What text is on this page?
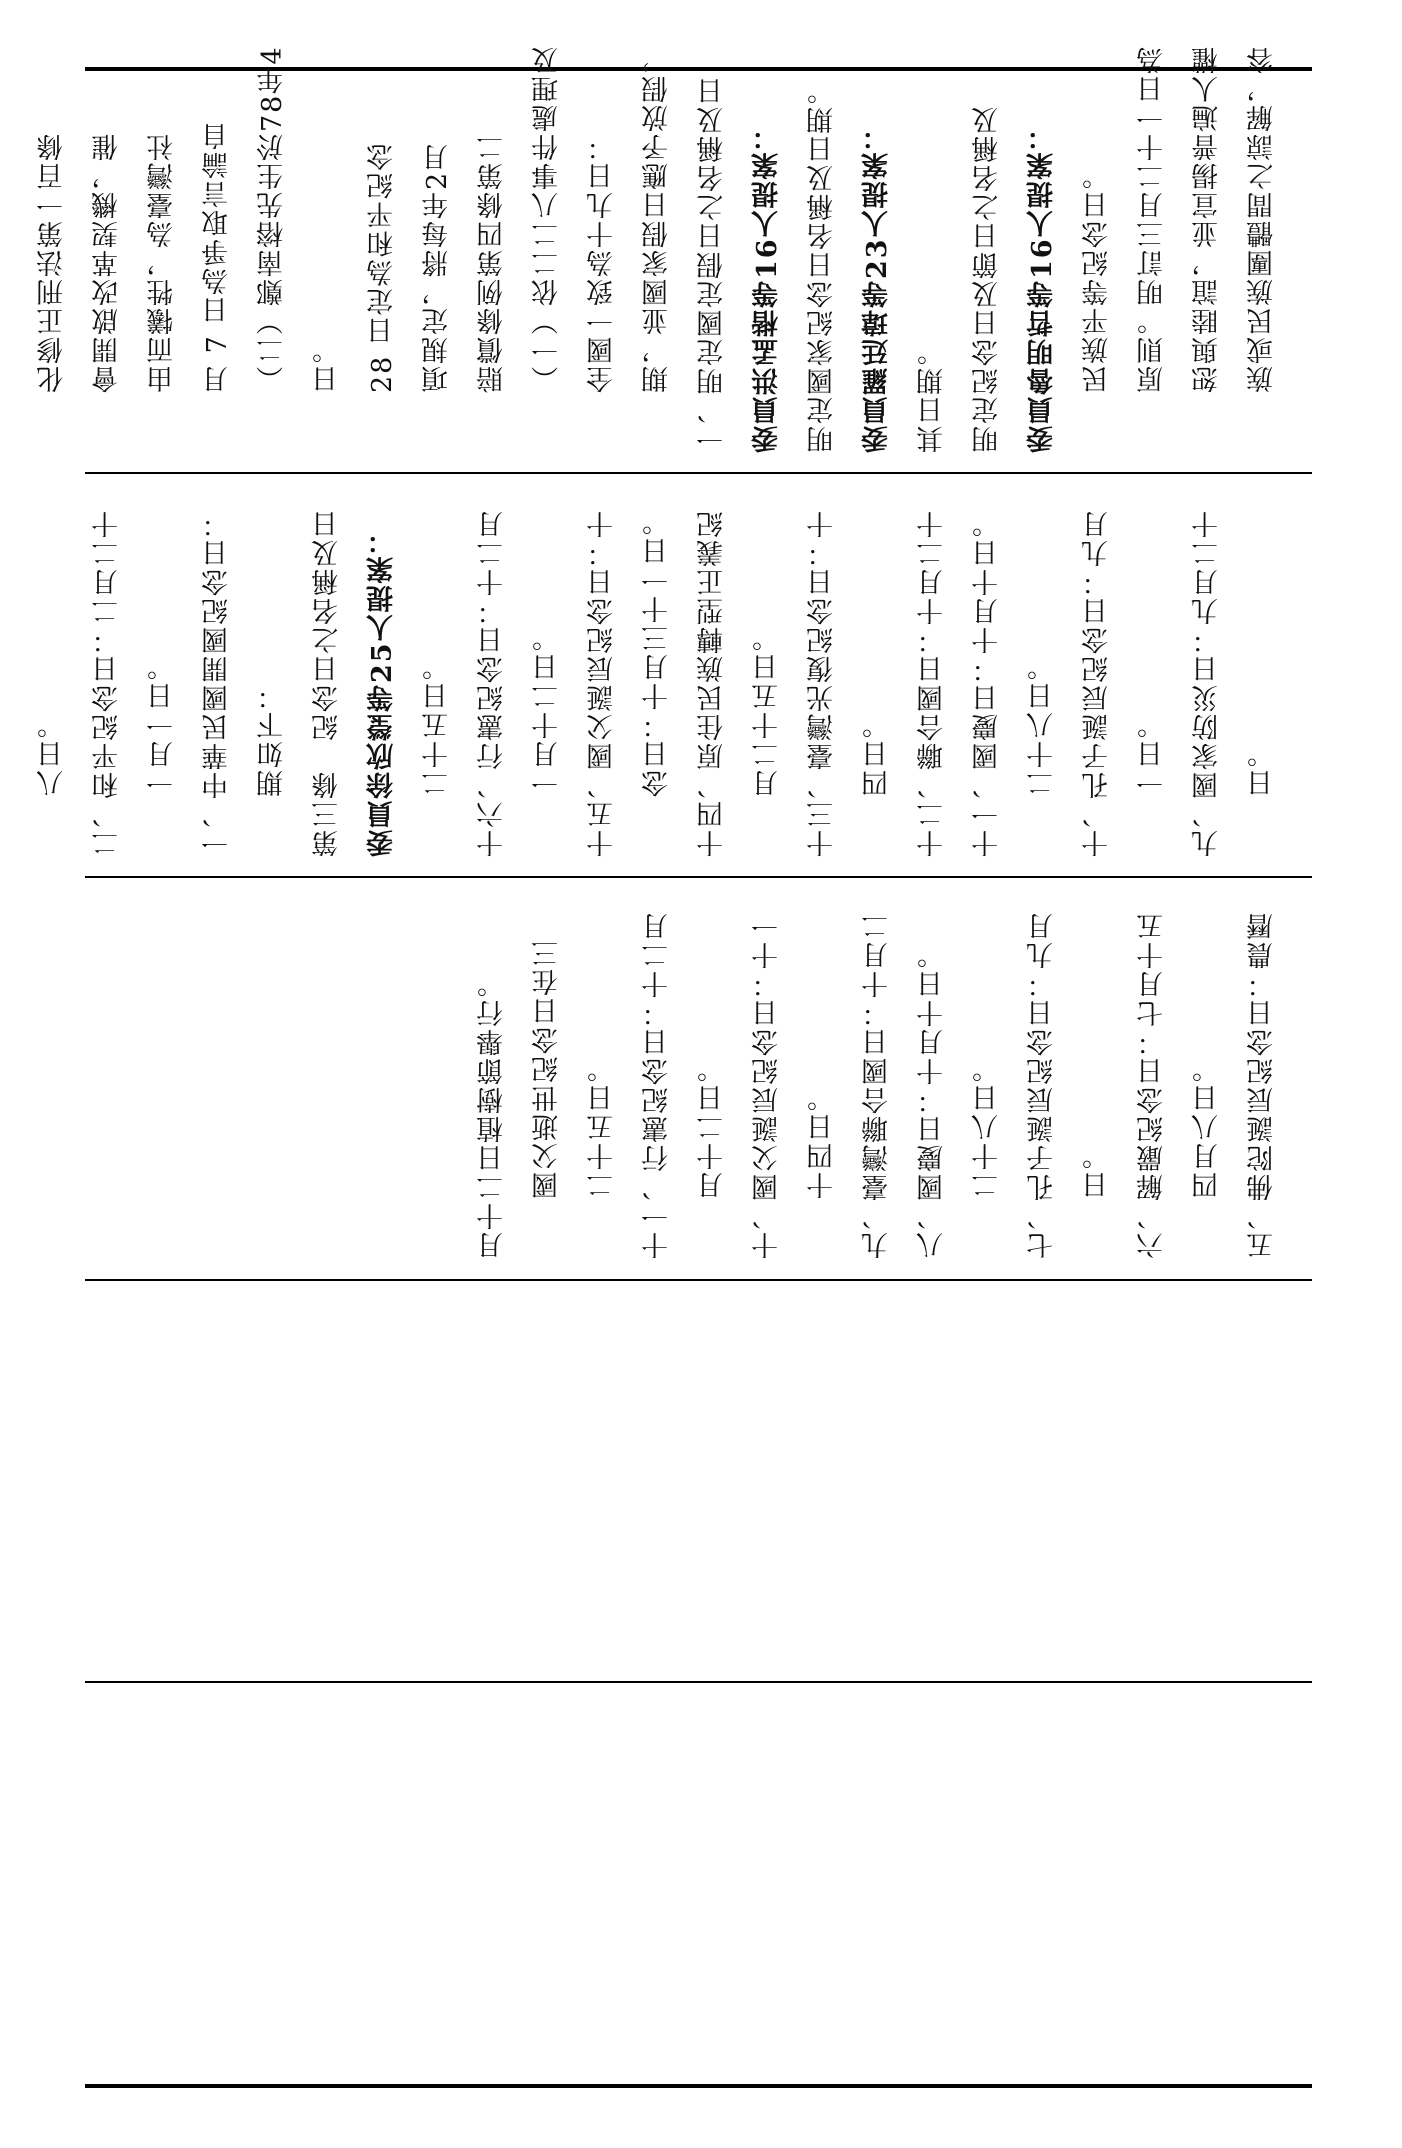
族或民族團體間之諒解，容

恕與睦誼，並宣揚普遍人權

原則。明訂三月二十一日為

民族平等紀念日。

委員魯明哲等16人提案：

明定紀念日及節日之名稱及

其日期。

委員羅廷瑋等23人提案：

明定國家紀念日名稱及日期。

委員洪孟楷等16人提案：

一、明定國定假日之名稱及日

期，並國家假日應予放假，

全國一致為十九日：

（一）依二二八事件處理及

賠償條例第四條第二

項規定，將每年2月

28 日定為和平紀念

日。

（二）鄭南榕先生於78年4

月 7 日為爭取言論自

由而犧牲，為臺灣社

會開啟改革契機，催

化修正刑法第一百條

日。

九、國家防災日：九月二十

一日。

十、孔子誕辰紀念日：九月

二十八日。

十一、國慶日：十月十日。

十二、聯合國日：十月二十

四日。

十三、臺灣光復紀念日：十

月二十五日。

十四、原住民族轉型正義紀

念日：十月三十一日。

十五、國父誕辰紀念日：十

一月十二日。

十六、行憲紀念日：十二月

二十五日。

委員徐欣瑩等25人提案：

第三條　紀念日之名稱及日

期如下：

一、中華民國開國紀念日：

一月一日。

二、和平紀念日：二月二十

八日。

五、佛陀誕辰紀念日：農曆

四月八日。

六、解嚴紀念日：七月十五

日。

七、孔子誕辰紀念日：九月

二十八日。

八、國慶日：十月十日。

九、臺灣聯合國日：十月二

十四日。

十、國父誕辰紀念日：十一

月十二日。

十一、行憲紀念日：十二月

二十五日。

國父逝世紀念日在三

月十二日植樹節舉行。
